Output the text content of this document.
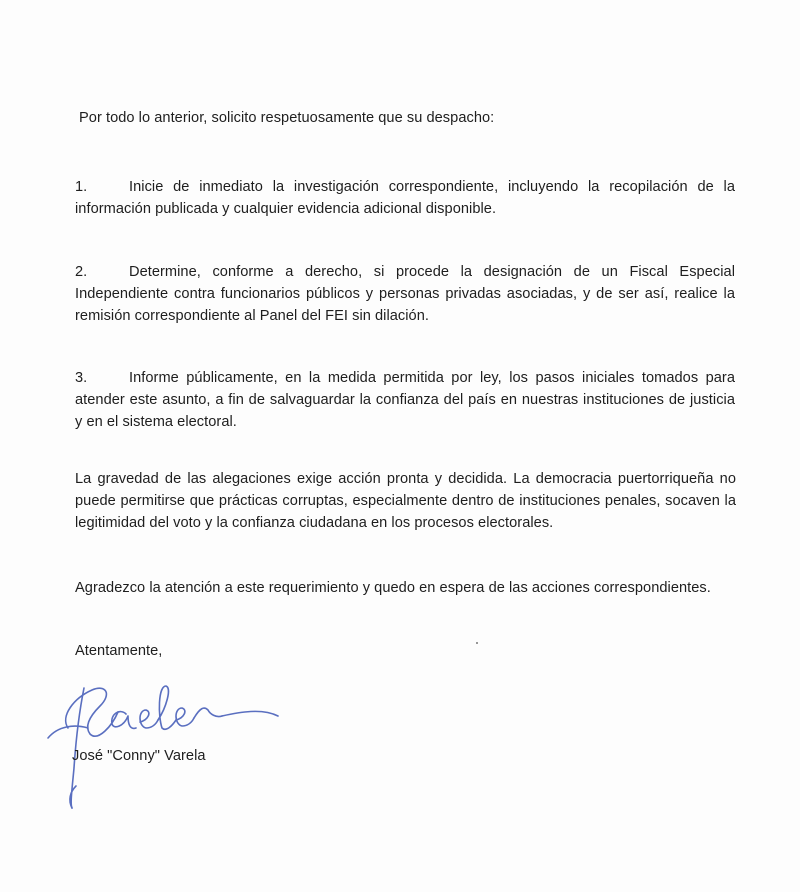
Por todo lo anterior, solicito respetuosamente que su despacho:

1.	Inicie de inmediato la investigación correspondiente, incluyendo la recopilación de la información publicada y cualquier evidencia adicional disponible.
2.	Determine, conforme a derecho, si procede la designación de un Fiscal Especial Independiente contra funcionarios públicos y personas privadas asociadas, y de ser así, realice la remisión correspondiente al Panel del FEI sin dilación.
3.	Informe públicamente, en la medida permitida por ley, los pasos iniciales tomados para atender este asunto, a fin de salvaguardar la confianza del país en nuestras instituciones de justicia y en el sistema electoral.

La gravedad de las alegaciones exige acción pronta y decidida. La democracia puertorriqueña no puede permitirse que prácticas corruptas, especialmente dentro de instituciones penales, socaven la legitimidad del voto y la confianza ciudadana en los procesos electorales.

Agradezco la atención a este requerimiento y quedo en espera de las acciones correspondientes.

Atentamente,

José "Conny" Varela
